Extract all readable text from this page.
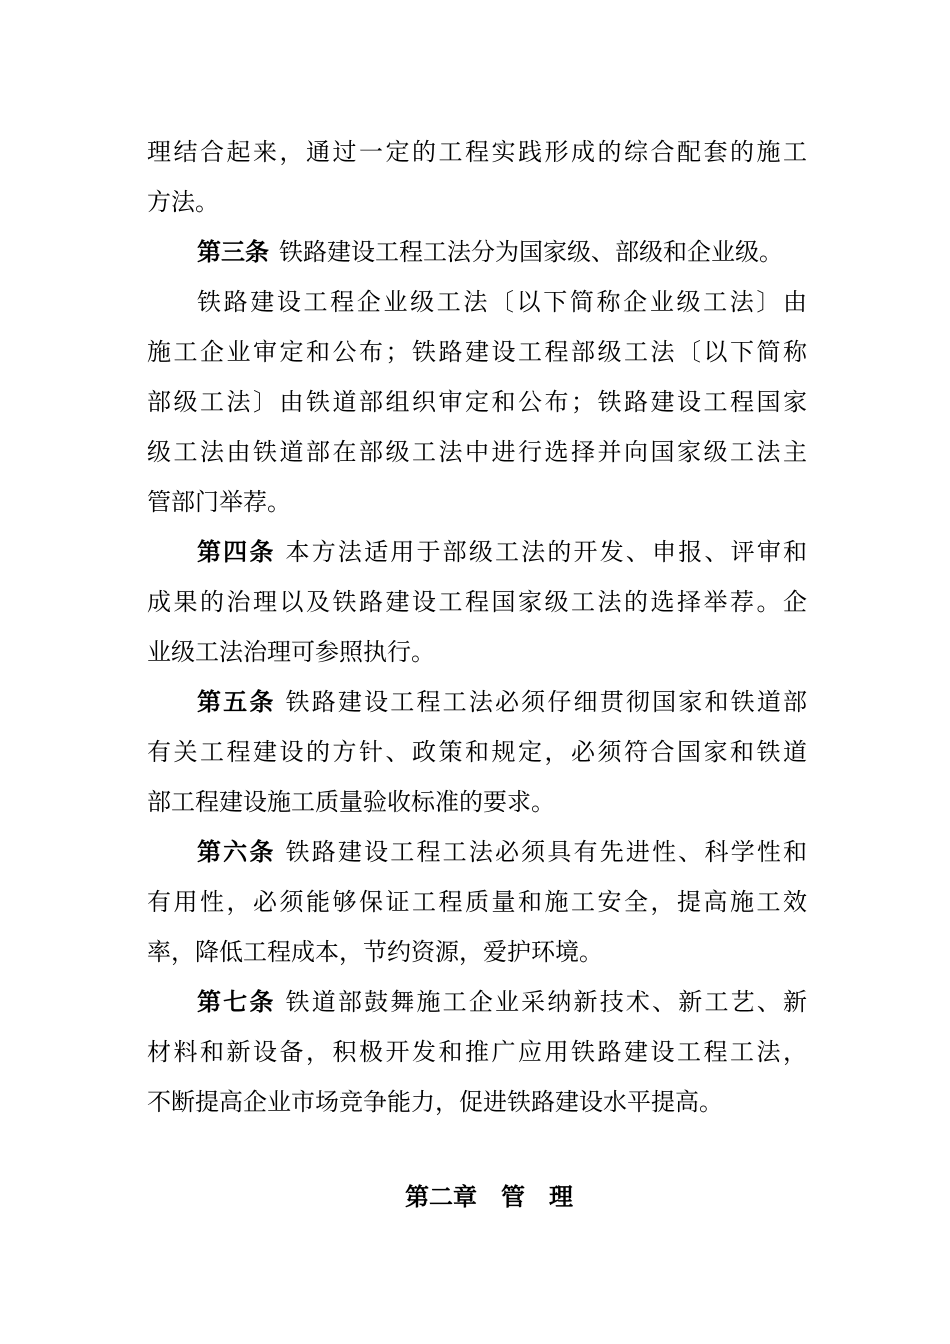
理结合起来，通过一定的工程实践形成的综合配套的施工
方法。
第三条 铁路建设工程工法分为国家级、部级和企业级。
铁路建设工程企业级工法〔以下简称企业级工法〕由
施工企业审定和公布；铁路建设工程部级工法〔以下简称
部级工法〕由铁道部组织审定和公布；铁路建设工程国家
级工法由铁道部在部级工法中进行选择并向国家级工法主
管部门举荐。
第四条 本方法适用于部级工法的开发、申报、评审和
成果的治理以及铁路建设工程国家级工法的选择举荐。企
业级工法治理可参照执行。
第五条 铁路建设工程工法必须仔细贯彻国家和铁道部
有关工程建设的方针、政策和规定，必须符合国家和铁道
部工程建设施工质量验收标准的要求。
第六条 铁路建设工程工法必须具有先进性、科学性和
有用性，必须能够保证工程质量和施工安全，提高施工效
率，降低工程成本，节约资源，爱护环境。
第七条 铁道部鼓舞施工企业采纳新技术、新工艺、新
材料和新设备，积极开发和推广应用铁路建设工程工法，
不断提高企业市场竞争能力，促进铁路建设水平提高。
第二章　管　理
